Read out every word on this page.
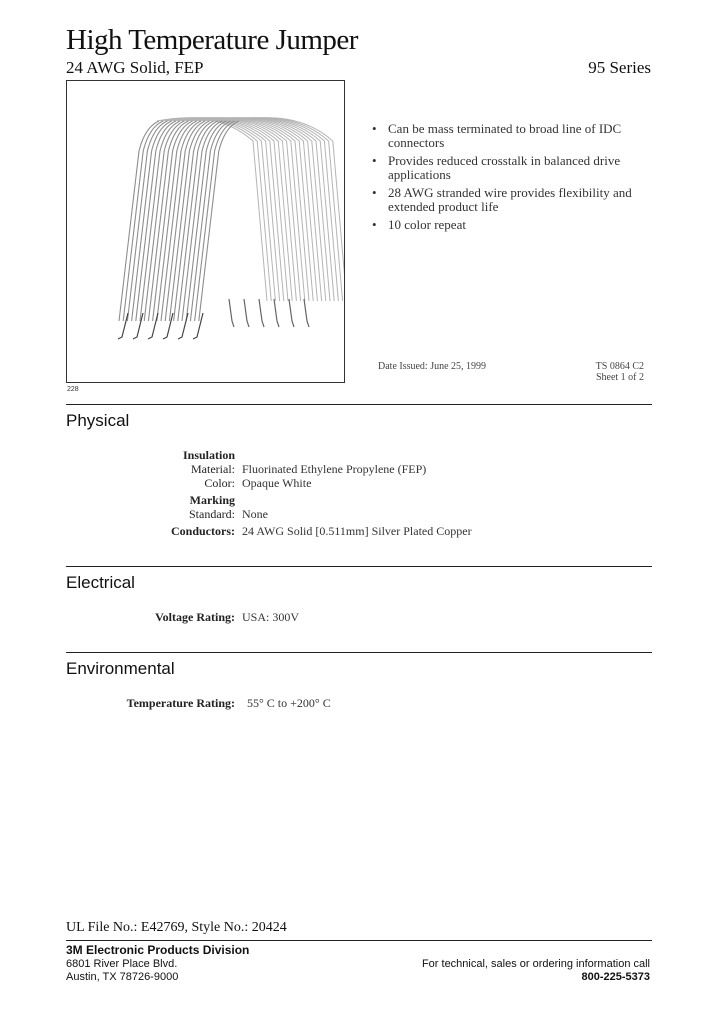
High Temperature Jumper
24 AWG Solid, FEP	95 Series
228
• Can be mass terminated to broad line of IDC connectors
• Provides reduced crosstalk in balanced drive applications
• 28 AWG stranded wire provides flexibility and extended product life
• 10 color repeat
Date Issued: June 25, 1999	TS 0864 C2
Sheet 1 of 2
Physical
Insulation
Material: Fluorinated Ethylene Propylene (FEP)
Color: Opaque White
Marking
Standard: None
Conductors: 24 AWG Solid [0.511mm] Silver Plated Copper
Electrical
Voltage Rating: USA: 300V
Environmental
Temperature Rating: 55° C to +200° C
UL File No.: E42769, Style No.: 20424
3M Electronic Products Division
6801 River Place Blvd.
Austin, TX 78726-9000
For technical, sales or ordering information call
800-225-5373
